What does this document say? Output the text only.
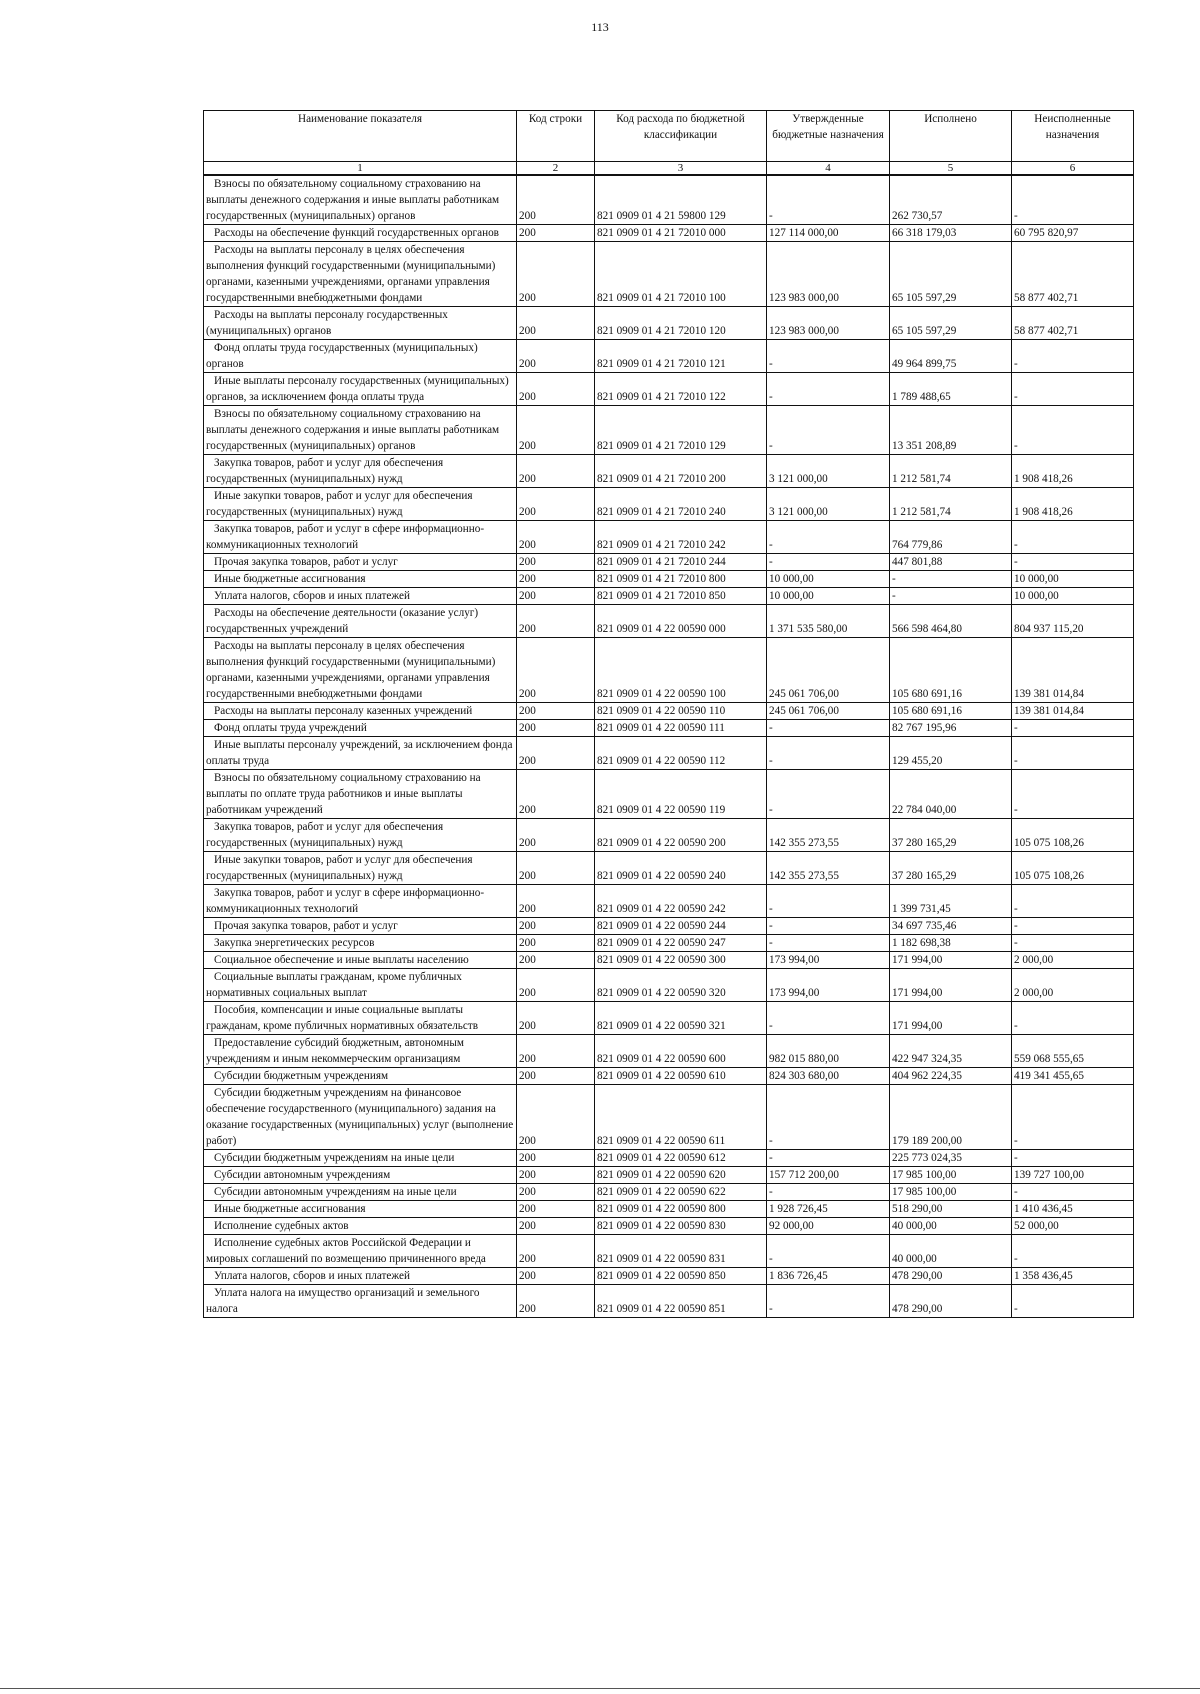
113
Наименование показателя	Код строки	Код расхода по бюджетной классификации	Утвержденные бюджетные назначения	Исполнено	Неисполненные назначения
1	2	3	4	5	6
Взносы по обязательному социальному страхованию на выплаты денежного содержания и иные выплаты работникам государственных (муниципальных) органов	200	821 0909 01 4 21 59800 129	-	262 730,57	-
Расходы на обеспечение функций государственных органов	200	821 0909 01 4 21 72010 000	127 114 000,00	66 318 179,03	60 795 820,97
Расходы на выплаты персоналу в целях обеспечения выполнения функций государственными (муниципальными) органами, казенными учреждениями, органами управления государственными внебюджетными фондами	200	821 0909 01 4 21 72010 100	123 983 000,00	65 105 597,29	58 877 402,71
Расходы на выплаты персоналу государственных (муниципальных) органов	200	821 0909 01 4 21 72010 120	123 983 000,00	65 105 597,29	58 877 402,71
Фонд оплаты труда государственных (муниципальных) органов	200	821 0909 01 4 21 72010 121	-	49 964 899,75	-
Иные выплаты персоналу государственных (муниципальных) органов, за исключением фонда оплаты труда	200	821 0909 01 4 21 72010 122	-	1 789 488,65	-
Взносы по обязательному социальному страхованию на выплаты денежного содержания и иные выплаты работникам государственных (муниципальных) органов	200	821 0909 01 4 21 72010 129	-	13 351 208,89	-
Закупка товаров, работ и услуг для обеспечения государственных (муниципальных) нужд	200	821 0909 01 4 21 72010 200	3 121 000,00	1 212 581,74	1 908 418,26
Иные закупки товаров, работ и услуг для обеспечения государственных (муниципальных) нужд	200	821 0909 01 4 21 72010 240	3 121 000,00	1 212 581,74	1 908 418,26
Закупка товаров, работ и услуг в сфере информационно-коммуникационных технологий	200	821 0909 01 4 21 72010 242	-	764 779,86	-
Прочая закупка товаров, работ и услуг	200	821 0909 01 4 21 72010 244	-	447 801,88	-
Иные бюджетные ассигнования	200	821 0909 01 4 21 72010 800	10 000,00	-	10 000,00
Уплата налогов, сборов и иных платежей	200	821 0909 01 4 21 72010 850	10 000,00	-	10 000,00
Расходы на обеспечение деятельности (оказание услуг) государственных учреждений	200	821 0909 01 4 22 00590 000	1 371 535 580,00	566 598 464,80	804 937 115,20
Расходы на выплаты персоналу в целях обеспечения выполнения функций государственными (муниципальными) органами, казенными учреждениями, органами управления государственными внебюджетными фондами	200	821 0909 01 4 22 00590 100	245 061 706,00	105 680 691,16	139 381 014,84
Расходы на выплаты персоналу казенных учреждений	200	821 0909 01 4 22 00590 110	245 061 706,00	105 680 691,16	139 381 014,84
Фонд оплаты труда учреждений	200	821 0909 01 4 22 00590 111	-	82 767 195,96	-
Иные выплаты персоналу учреждений, за исключением фонда оплаты труда	200	821 0909 01 4 22 00590 112	-	129 455,20	-
Взносы по обязательному социальному страхованию на выплаты по оплате труда работников и иные выплаты работникам учреждений	200	821 0909 01 4 22 00590 119	-	22 784 040,00	-
Закупка товаров, работ и услуг для обеспечения государственных (муниципальных) нужд	200	821 0909 01 4 22 00590 200	142 355 273,55	37 280 165,29	105 075 108,26
Иные закупки товаров, работ и услуг для обеспечения государственных (муниципальных) нужд	200	821 0909 01 4 22 00590 240	142 355 273,55	37 280 165,29	105 075 108,26
Закупка товаров, работ и услуг в сфере информационно-коммуникационных технологий	200	821 0909 01 4 22 00590 242	-	1 399 731,45	-
Прочая закупка товаров, работ и услуг	200	821 0909 01 4 22 00590 244	-	34 697 735,46	-
Закупка энергетических ресурсов	200	821 0909 01 4 22 00590 247	-	1 182 698,38	-
Социальное обеспечение и иные выплаты населению	200	821 0909 01 4 22 00590 300	173 994,00	171 994,00	2 000,00
Социальные выплаты гражданам, кроме публичных нормативных социальных выплат	200	821 0909 01 4 22 00590 320	173 994,00	171 994,00	2 000,00
Пособия, компенсации и иные социальные выплаты гражданам, кроме публичных нормативных обязательств	200	821 0909 01 4 22 00590 321	-	171 994,00	-
Предоставление субсидий бюджетным, автономным учреждениям и иным некоммерческим организациям	200	821 0909 01 4 22 00590 600	982 015 880,00	422 947 324,35	559 068 555,65
Субсидии бюджетным учреждениям	200	821 0909 01 4 22 00590 610	824 303 680,00	404 962 224,35	419 341 455,65
Субсидии бюджетным учреждениям на финансовое обеспечение государственного (муниципального) задания на оказание государственных (муниципальных) услуг (выполнение работ)	200	821 0909 01 4 22 00590 611	-	179 189 200,00	-
Субсидии бюджетным учреждениям на иные цели	200	821 0909 01 4 22 00590 612	-	225 773 024,35	-
Субсидии автономным учреждениям	200	821 0909 01 4 22 00590 620	157 712 200,00	17 985 100,00	139 727 100,00
Субсидии автономным учреждениям на иные цели	200	821 0909 01 4 22 00590 622	-	17 985 100,00	-
Иные бюджетные ассигнования	200	821 0909 01 4 22 00590 800	1 928 726,45	518 290,00	1 410 436,45
Исполнение судебных актов	200	821 0909 01 4 22 00590 830	92 000,00	40 000,00	52 000,00
Исполнение судебных актов Российской Федерации и мировых соглашений по возмещению причиненного вреда	200	821 0909 01 4 22 00590 831	-	40 000,00	-
Уплата налогов, сборов и иных платежей	200	821 0909 01 4 22 00590 850	1 836 726,45	478 290,00	1 358 436,45
Уплата налога на имущество организаций и земельного налога	200	821 0909 01 4 22 00590 851	-	478 290,00	-
